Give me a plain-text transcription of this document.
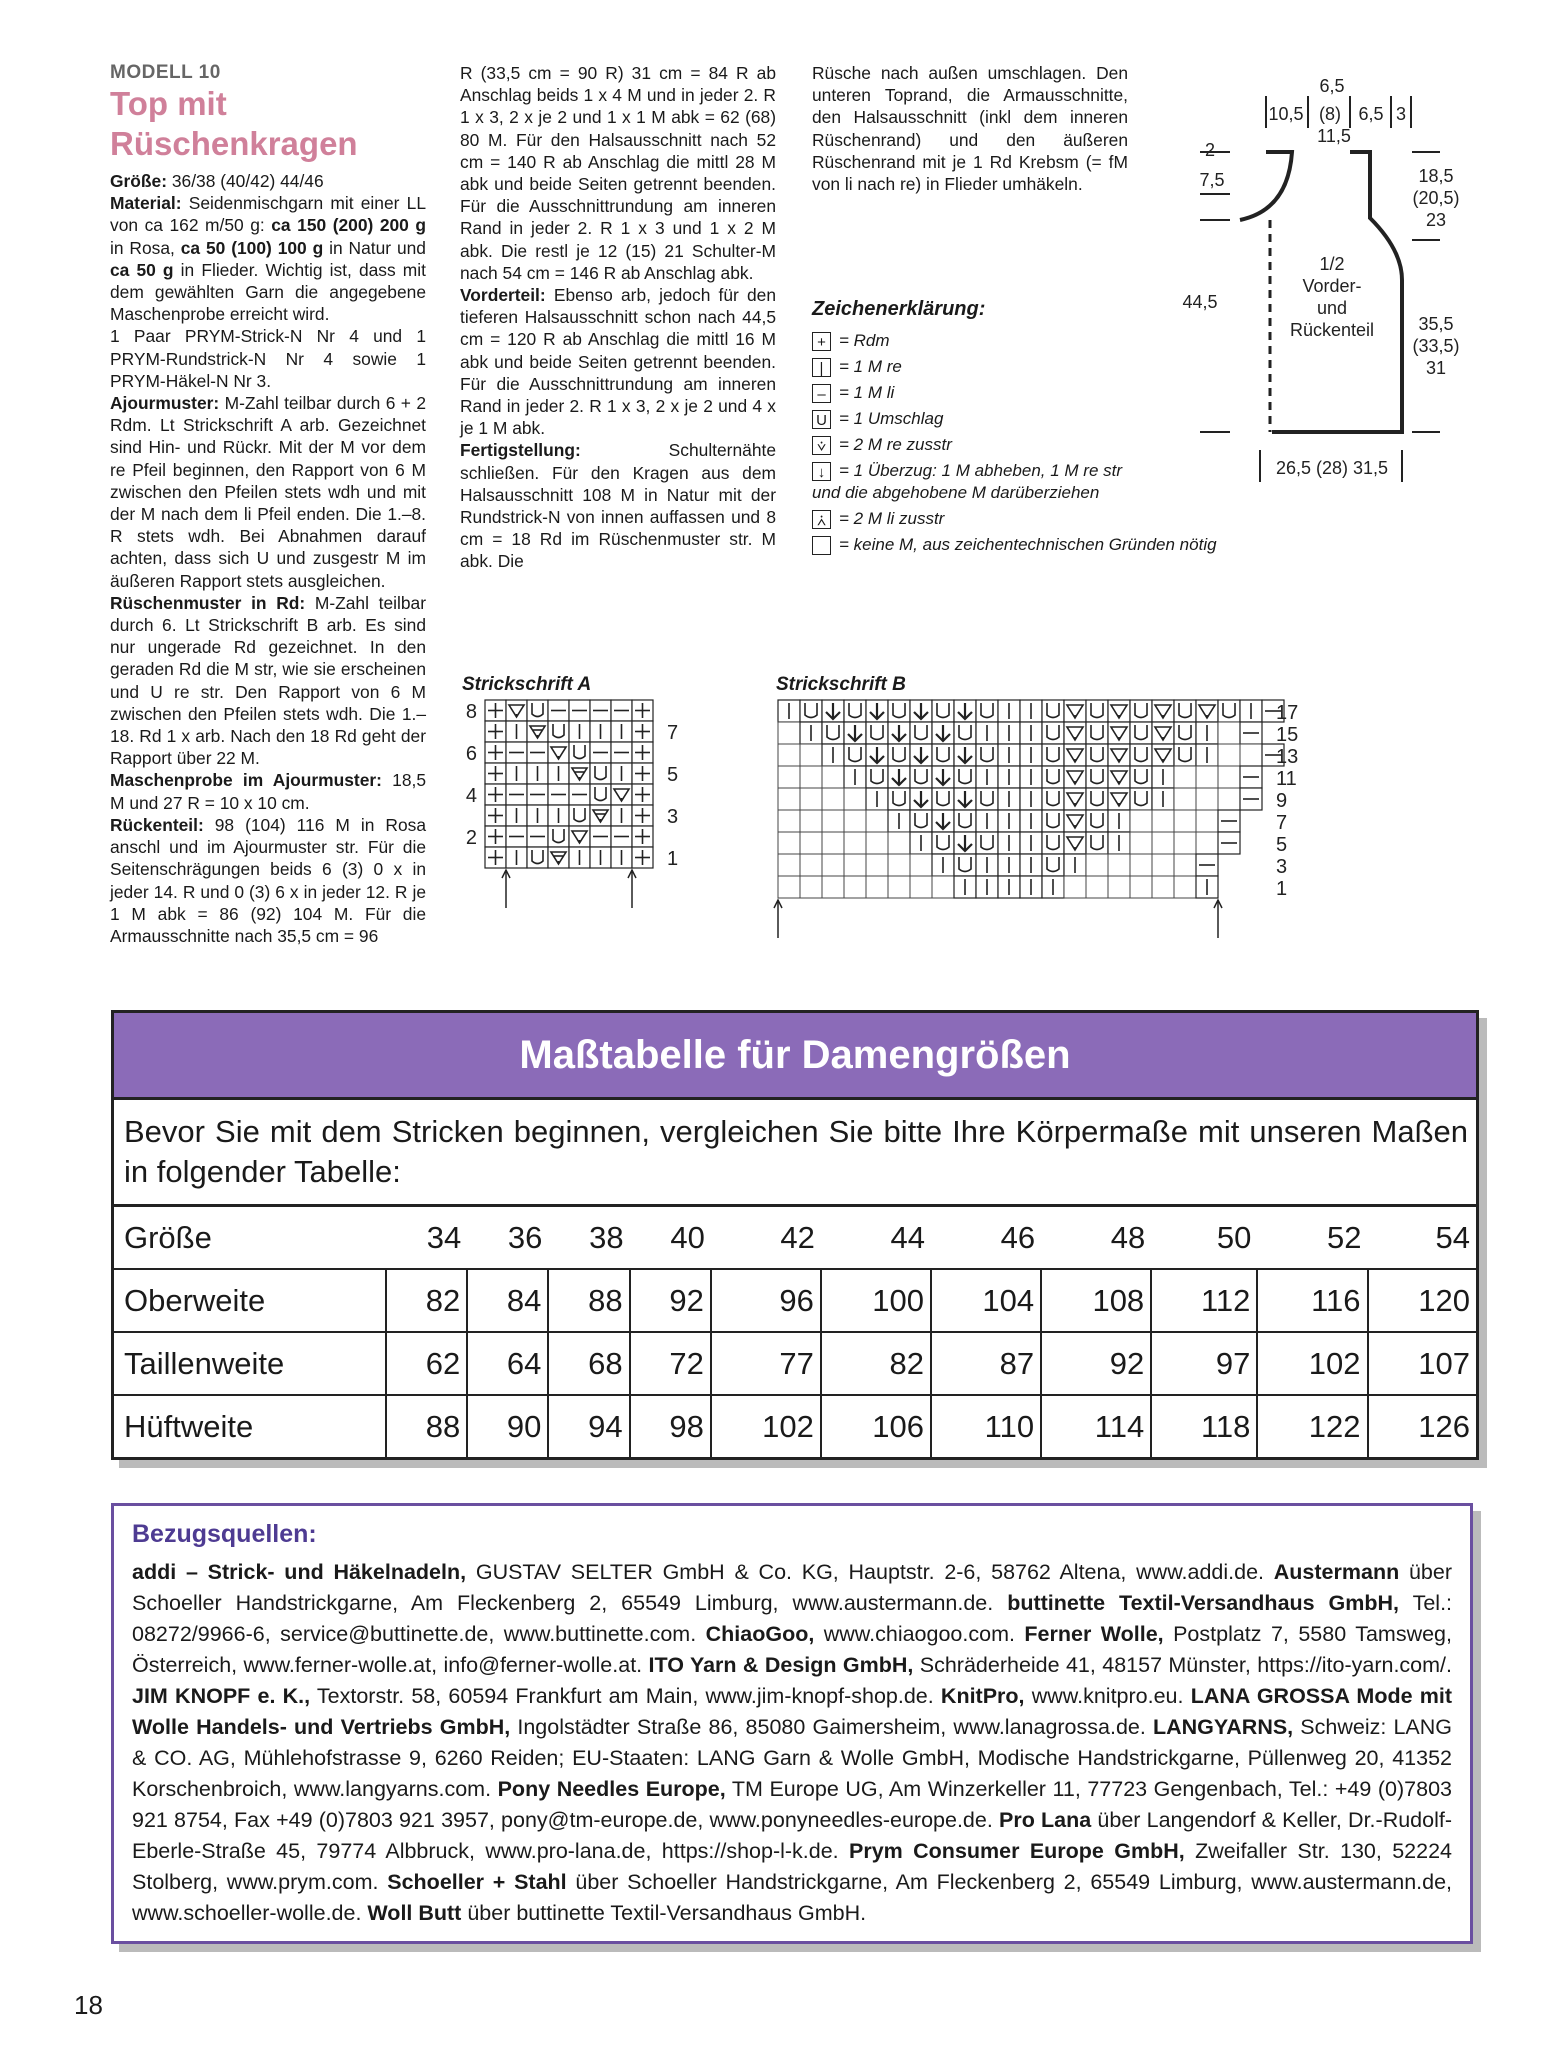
MODELL 10

Top mit Rüschenkragen

Größe: 36/38 (40/42) 44/46

Material: Seidenmischgarn mit einer LL von ca 162 m/50 g: ca 150 (200) 200 g in Rosa, ca 50 (100) 100 g in Natur und ca 50 g in Flieder. Wichtig ist, dass mit dem gewählten Garn die angegebene Maschenprobe erreicht wird.

1 Paar PRYM-Strick-N Nr 4 und 1 PRYM-Rundstrick-N Nr 4 sowie 1 PRYM-Häkel-N Nr 3.

Ajourmuster: M-Zahl teilbar durch 6 + 2 Rdm. Lt Strickschrift A arb. Gezeichnet sind Hin- und Rückr. Mit der M vor dem re Pfeil beginnen, den Rapport von 6 M zwischen den Pfeilen stets wdh und mit der M nach dem li Pfeil enden. Die 1.–8. R stets wdh. Bei Abnahmen darauf achten, dass sich U und zusgestr M im äußeren Rapport stets ausgleichen.

Rüschenmuster in Rd: M-Zahl teilbar durch 6. Lt Strickschrift B arb. Es sind nur ungerade Rd gezeichnet. In den geraden Rd die M str, wie sie erscheinen und U re str. Den Rapport von 6 M zwischen den Pfeilen stets wdh. Die 1.–18. Rd 1 x arb. Nach den 18 Rd geht der Rapport über 22 M.

Maschenprobe im Ajourmuster: 18,5 M und 27 R = 10 x 10 cm.

Rückenteil: 98 (104) 116 M in Rosa anschl und im Ajourmuster str. Für die Seitenschrägungen beids 6 (3) 0 x in jeder 14. R und 0 (3) 6 x in jeder 12. R je 1 M abk = 86 (92) 104 M. Für die Armausschnitte nach 35,5 cm = 96

R (33,5 cm = 90 R) 31 cm = 84 R ab Anschlag beids 1 x 4 M und in jeder 2. R 1 x 3, 2 x je 2 und 1 x 1 M abk = 62 (68) 80 M. Für den Halsausschnitt nach 52 cm = 140 R ab Anschlag die mittl 28 M abk und beide Seiten getrennt beenden. Für die Ausschnittrundung am inneren Rand in jeder 2. R 1 x 3 und 1 x 2 M abk. Die restl je 12 (15) 21 Schulter-M nach 54 cm = 146 R ab Anschlag abk.

Vorderteil: Ebenso arb, jedoch für den tieferen Halsausschnitt schon nach 44,5 cm = 120 R ab Anschlag die mittl 16 M abk und beide Seiten getrennt beenden. Für die Ausschnittrundung am inneren Rand in jeder 2. R 1 x 3, 2 x je 2 und 4 x je 1 M abk.

Fertigstellung: Schulternähte schließen. Für den Kragen aus dem Halsausschnitt 108 M in Natur mit der Rundstrick-N von innen auffassen und 8 cm = 18 Rd im Rüschenmuster str. M abk. Die

Rüsche nach außen umschlagen. Den unteren Toprand, die Armausschnitte, den Halsausschnitt (inkl dem inneren Rüschenrand) und den äußeren Rüschenrand mit je 1 Rd Krebsm (= fM von li nach re) in Flieder umhäkeln.

Zeichenerklärung:
+ = Rdm
| = 1 M re
– = 1 M li
U = 1 Umschlag
⩒ = 2 M re zusstr
↓ = 1 Überzug: 1 M abheben, 1 M re str
und die abgehobene M darüberziehen
⩑ = 2 M li zusstr
= keine M, aus zeichentechnischen Gründen nötig
6,5
10,5 (8) 6,5 3
11,5
2
7,5
44,5
18,5
(20,5)
23
35,5
(33,5)
31
1/2
Vorder-
und
Rückenteil
26,5 (28) 31,5
Strickschrift A	Strickschrift B
8
6
4
2
7
5
3
1
17
15
13
11
9
7
5
3
1
Maßtabelle für Damengrößen
Bevor Sie mit dem Stricken beginnen, vergleichen Sie bitte Ihre Körpermaße mit unseren Maßen in folgender Tabelle:
Größe	34	36	38	40	42	44	46	48	50	52	54
Oberweite	82	84	88	92	96	100	104	108	112	116	120
Taillenweite	62	64	68	72	77	82	87	92	97	102	107
Hüftweite	88	90	94	98	102	106	110	114	118	122	126
Bezugsquellen:
addi – Strick- und Häkelnadeln, GUSTAV SELTER GmbH & Co. KG, Hauptstr. 2-6, 58762 Altena, www.addi.de. Austermann über Schoeller Handstrickgarne, Am Fleckenberg 2, 65549 Limburg, www.austermann.de. buttinette Textil-Versandhaus GmbH, Tel.: 08272/9966-6, service@buttinette.de, www.buttinette.com. ChiaoGoo, www.chiaogoo.com. Ferner Wolle, Postplatz 7, 5580 Tamsweg, Österreich, www.ferner-wolle.at, info@ferner-wolle.at. ITO Yarn & Design GmbH, Schräderheide 41, 48157 Münster, https://ito-yarn.com/. JIM KNOPF e. K., Textorstr. 58, 60594 Frankfurt am Main, www.jim-knopf-shop.de. KnitPro, www.knitpro.eu. LANA GROSSA Mode mit Wolle Handels- und Vertriebs GmbH, Ingolstädter Straße 86, 85080 Gaimersheim, www.lanagrossa.de. LANGYARNS, Schweiz: LANG & CO. AG, Mühlehofstrasse 9, 6260 Reiden; EU-Staaten: LANG Garn & Wolle GmbH, Modische Handstrickgarne, Püllenweg 20, 41352 Korschenbroich, www.langyarns.com. Pony Needles Europe, TM Europe UG, Am Winzerkeller 11, 77723 Gengenbach, Tel.: +49 (0)7803 921 8754, Fax +49 (0)7803 921 3957, pony@tm-europe.de, www.ponyneedles-europe.de. Pro Lana über Langendorf & Keller, Dr.-Rudolf-Eberle-Straße 45, 79774 Albbruck, www.pro-lana.de, https://shop-l-k.de. Prym Consumer Europe GmbH, Zweifaller Str. 130, 52224 Stolberg, www.prym.com. Schoeller + Stahl über Schoeller Handstrickgarne, Am Fleckenberg 2, 65549 Limburg, www.austermann.de, www.schoeller-wolle.de. Woll Butt über buttinette Textil-Versandhaus GmbH.
18
